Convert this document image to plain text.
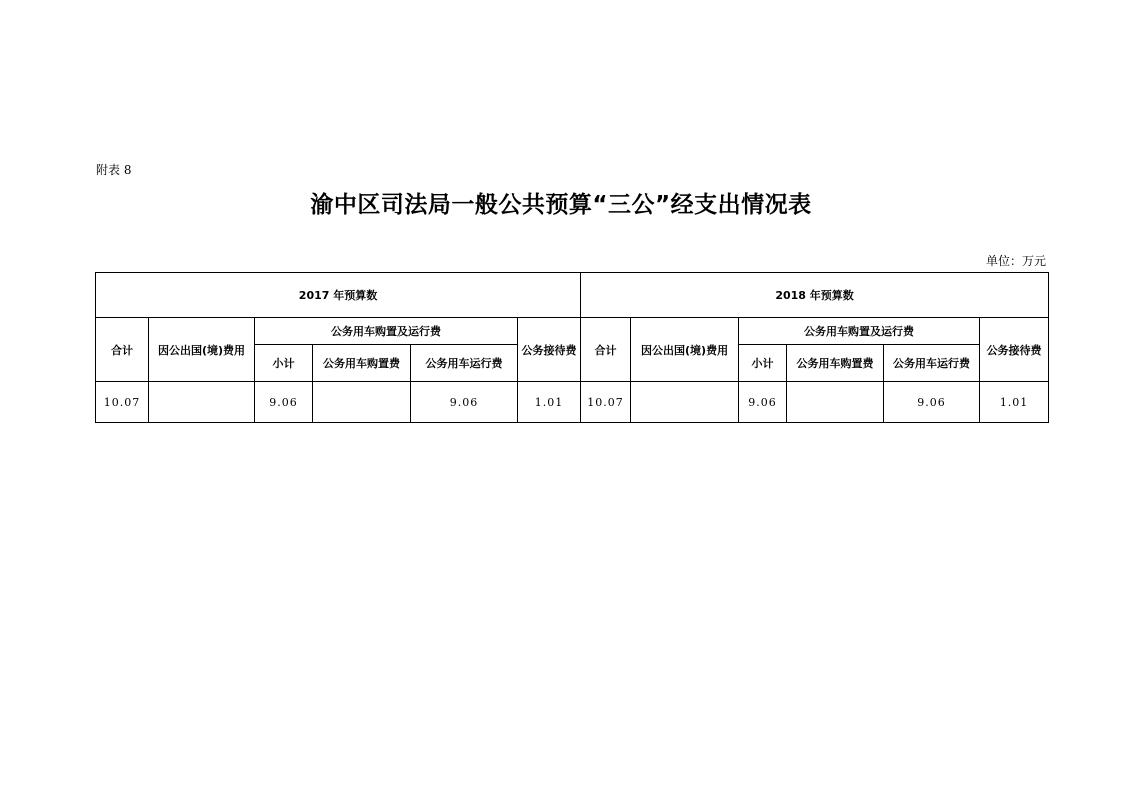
附表 8
渝中区司法局一般公共预算“三公”经支出情况表
单位：万元
2017 年预算数						2018 年预算数					
合计	因公出国(境)费用	公务用车购置及运行费			公务接待费	合计	因公出国(境)费用	公务用车购置及运行费			公务接待费
		小计	公务用车购置费	公务用车运行费				小计	公务用车购置费	公务用车运行费	
10.07		9.06		9.06	1.01	10.07		9.06		9.06	1.01
